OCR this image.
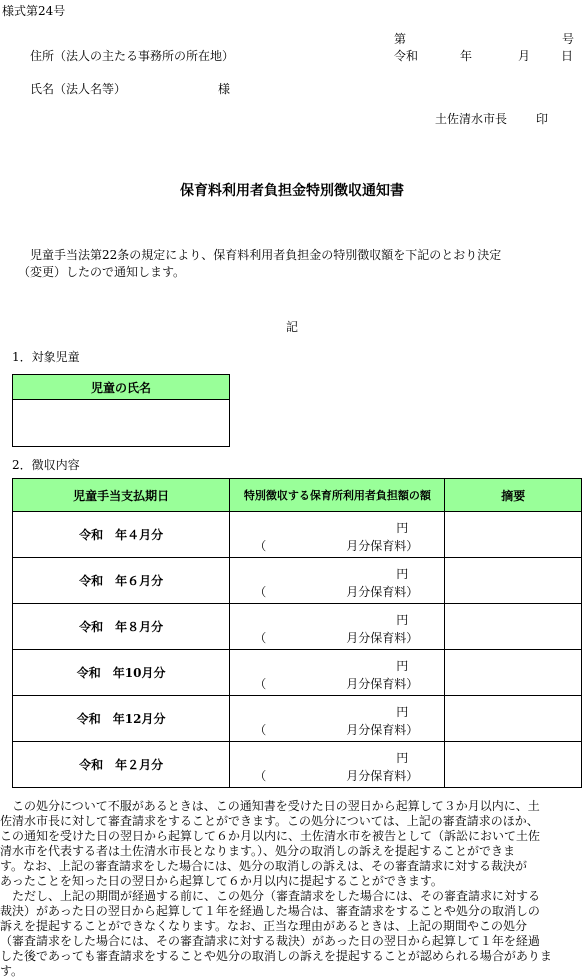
様式第24号
第	号
住所（法人の主たる事務所の所在地）	令和	年	月	日
氏名（法人名等）	様
土佐清水市長 印
保育料利用者負担金特別徴収通知書
児童手当法第22条の規定により、保育料利用者負担金の特別徴収額を下記のとおり決定
（変更）したので通知します。
記
1．対象児童
児童の氏名

2．徴収内容
児童手当支払期日	特別徴収する保育所利用者負担額の額	摘要
令和　年４月分	円
（ 月分保育料）	

令和　年６月分	円
（ 月分保育料）	

令和　年８月分	円
（ 月分保育料）	

令和　年10月分	円
（ 月分保育料）	

令和　年12月分	円
（ 月分保育料）	

令和　年２月分	円
（ 月分保育料）	

　この処分について不服があるときは、この通知書を受けた日の翌日から起算して３か月以内に、土
佐清水市長に対して審査請求をすることができます。この処分については、上記の審査請求のほか、
この通知を受けた日の翌日から起算して６か月以内に、土佐清水市を被告として（訴訟において土佐
清水市を代表する者は土佐清水市長となります。）、処分の取消しの訴えを提起することができま
す。なお、上記の審査請求をした場合には、処分の取消しの訴えは、その審査請求に対する裁決が
あったことを知った日の翌日から起算して６か月以内に提起することができます。
　ただし、上記の期間が経過する前に、この処分（審査請求をした場合には、その審査請求に対する
裁決）があった日の翌日から起算して１年を経過した場合は、審査請求をすることや処分の取消しの
訴えを提起することができなくなります。なお、正当な理由があるときは、上記の期間やこの処分
（審査請求をした場合には、その審査請求に対する裁決）があった日の翌日から起算して１年を経過
した後であっても審査請求をすることや処分の取消しの訴えを提起することが認められる場合がありま
す。
